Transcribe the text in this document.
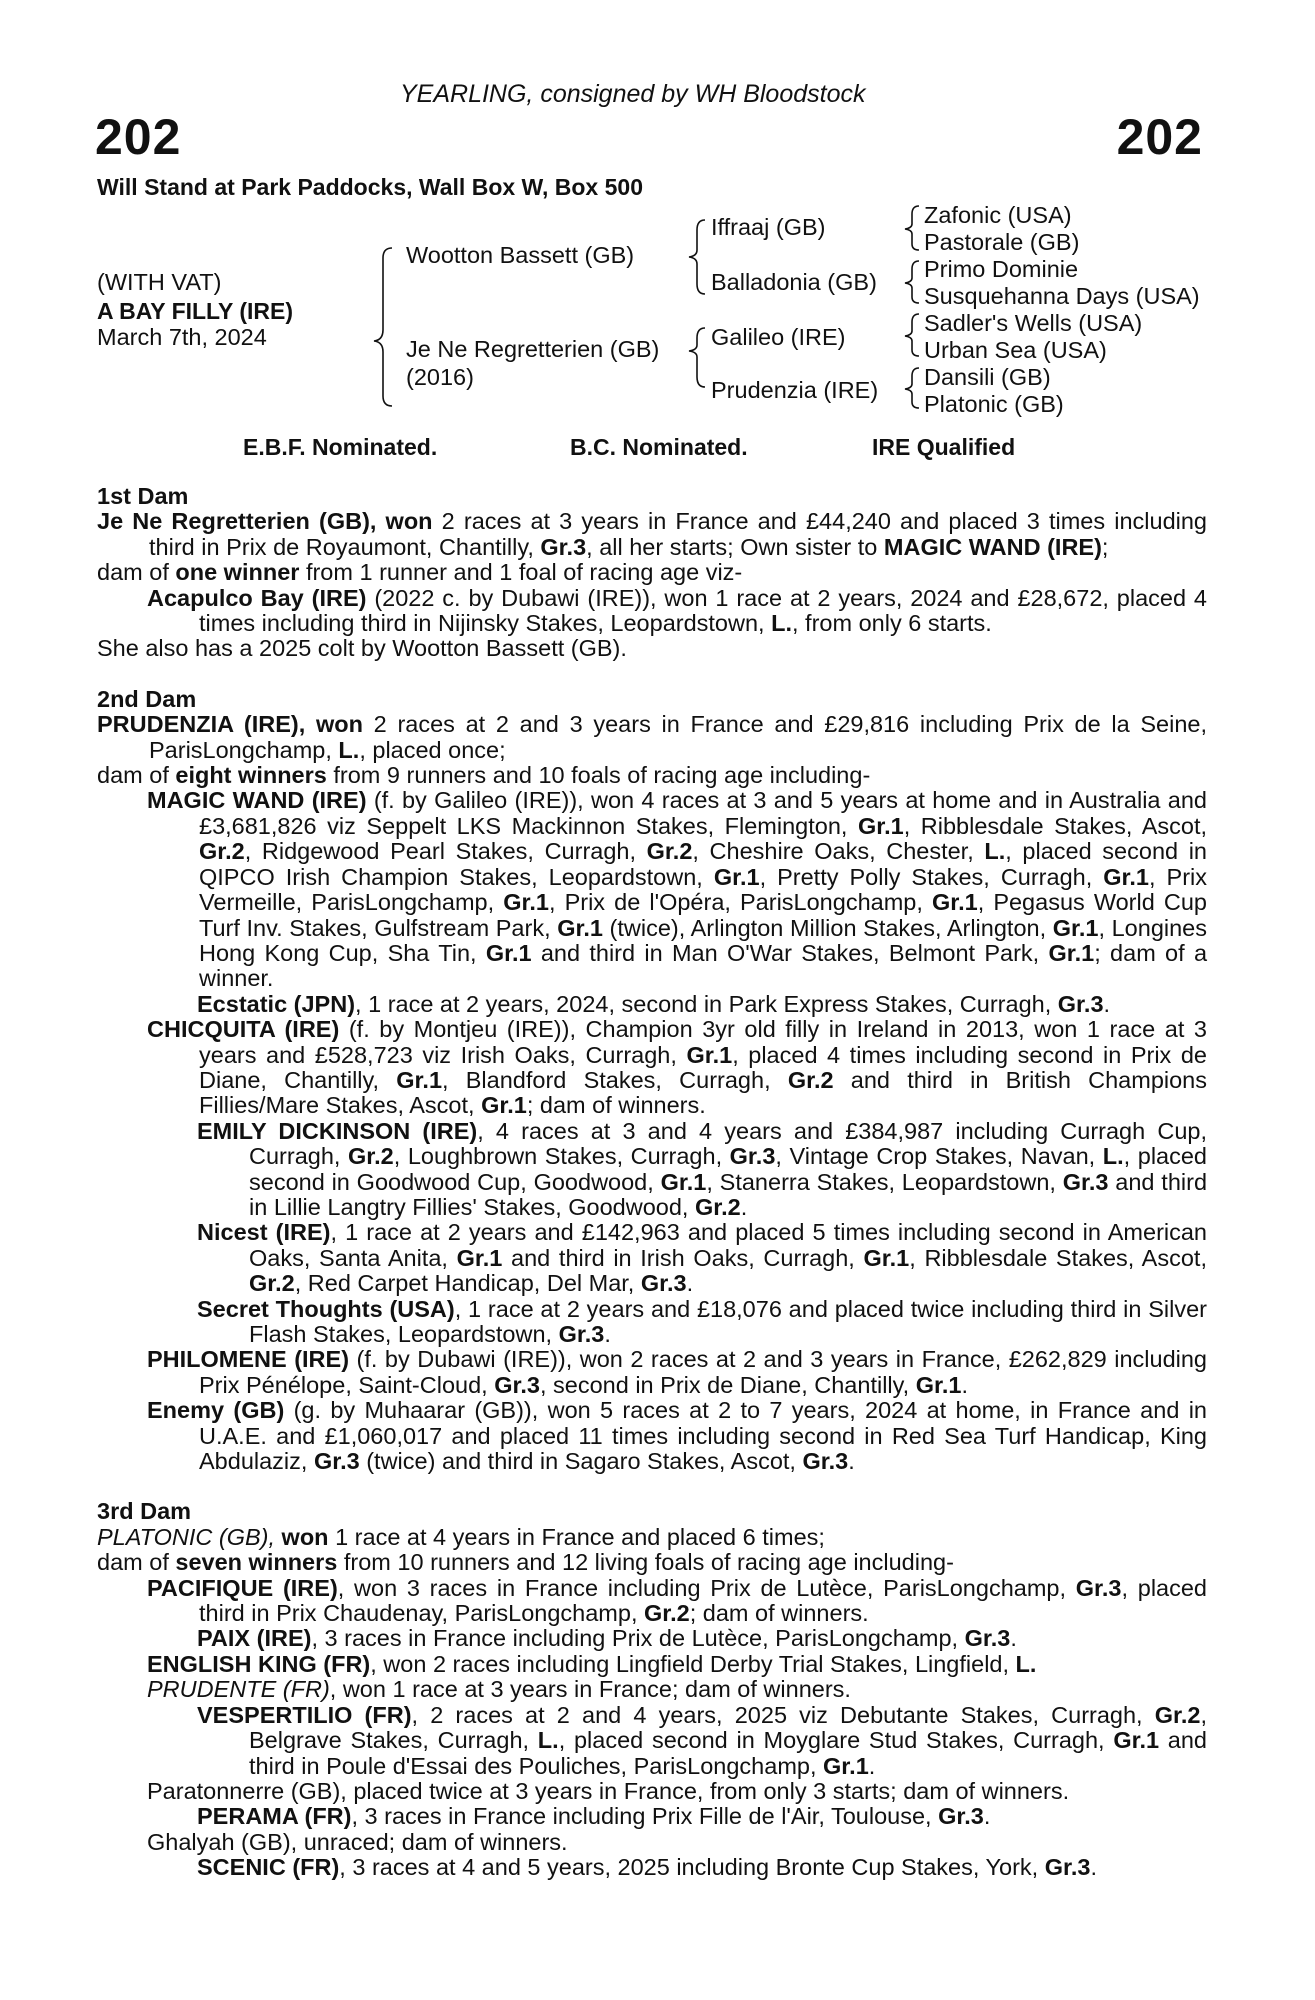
YEARLING, consigned by WH Bloodstock
202	202
Will Stand at Park Paddocks, Wall Box W, Box 500
(WITH VAT)
A BAY FILLY (IRE)
March 7th, 2024
Wootton Bassett (GB)
Je Ne Regretterien (GB)
(2016)
Iffraaj (GB)
Balladonia (GB)
Galileo (IRE)
Prudenzia (IRE)
Zafonic (USA)
Pastorale (GB)
Primo Dominie
Susquehanna Days (USA)
Sadler's Wells (USA)
Urban Sea (USA)
Dansili (GB)
Platonic (GB)
E.B.F. Nominated.	B.C. Nominated.	IRE Qualified

1st Dam

Je Ne Regretterien (GB), won 2 races at 3 years in France and £44,240 and placed 3 times including third in Prix de Royaumont, Chantilly, Gr.3, all her starts; Own sister to MAGIC WAND (IRE);

dam of one winner from 1 runner and 1 foal of racing age viz-

Acapulco Bay (IRE) (2022 c. by Dubawi (IRE)), won 1 race at 2 years, 2024 and £28,672, placed 4 times including third in Nijinsky Stakes, Leopardstown, L., from only 6 starts.

She also has a 2025 colt by Wootton Bassett (GB).

2nd Dam

PRUDENZIA (IRE), won 2 races at 2 and 3 years in France and £29,816 including Prix de la Seine, ParisLongchamp, L., placed once;

dam of eight winners from 9 runners and 10 foals of racing age including-

MAGIC WAND (IRE) (f. by Galileo (IRE)), won 4 races at 3 and 5 years at home and in Australia and £3,681,826 viz Seppelt LKS Mackinnon Stakes, Flemington, Gr.1, Ribblesdale Stakes, Ascot, Gr.2, Ridgewood Pearl Stakes, Curragh, Gr.2, Cheshire Oaks, Chester, L., placed second in QIPCO Irish Champion Stakes, Leopardstown, Gr.1, Pretty Polly Stakes, Curragh, Gr.1, Prix Vermeille, ParisLongchamp, Gr.1, Prix de l'Opéra, ParisLongchamp, Gr.1, Pegasus World Cup Turf Inv. Stakes, Gulfstream Park, Gr.1 (twice), Arlington Million Stakes, Arlington, Gr.1, Longines Hong Kong Cup, Sha Tin, Gr.1 and third in Man O'War Stakes, Belmont Park, Gr.1; dam of a winner.

Ecstatic (JPN), 1 race at 2 years, 2024, second in Park Express Stakes, Curragh, Gr.3.

CHICQUITA (IRE) (f. by Montjeu (IRE)), Champion 3yr old filly in Ireland in 2013, won 1 race at 3 years and £528,723 viz Irish Oaks, Curragh, Gr.1, placed 4 times including second in Prix de Diane, Chantilly, Gr.1, Blandford Stakes, Curragh, Gr.2 and third in British Champions Fillies/Mare Stakes, Ascot, Gr.1; dam of winners.

EMILY DICKINSON (IRE), 4 races at 3 and 4 years and £384,987 including Curragh Cup, Curragh, Gr.2, Loughbrown Stakes, Curragh, Gr.3, Vintage Crop Stakes, Navan, L., placed second in Goodwood Cup, Goodwood, Gr.1, Stanerra Stakes, Leopardstown, Gr.3 and third in Lillie Langtry Fillies' Stakes, Goodwood, Gr.2.

Nicest (IRE), 1 race at 2 years and £142,963 and placed 5 times including second in American Oaks, Santa Anita, Gr.1 and third in Irish Oaks, Curragh, Gr.1, Ribblesdale Stakes, Ascot, Gr.2, Red Carpet Handicap, Del Mar, Gr.3.

Secret Thoughts (USA), 1 race at 2 years and £18,076 and placed twice including third in Silver Flash Stakes, Leopardstown, Gr.3.

PHILOMENE (IRE) (f. by Dubawi (IRE)), won 2 races at 2 and 3 years in France, £262,829 including Prix Pénélope, Saint-Cloud, Gr.3, second in Prix de Diane, Chantilly, Gr.1.

Enemy (GB) (g. by Muhaarar (GB)), won 5 races at 2 to 7 years, 2024 at home, in France and in U.A.E. and £1,060,017 and placed 11 times including second in Red Sea Turf Handicap, King Abdulaziz, Gr.3 (twice) and third in Sagaro Stakes, Ascot, Gr.3.

3rd Dam

PLATONIC (GB), won 1 race at 4 years in France and placed 6 times;

dam of seven winners from 10 runners and 12 living foals of racing age including-

PACIFIQUE (IRE), won 3 races in France including Prix de Lutèce, ParisLongchamp, Gr.3, placed third in Prix Chaudenay, ParisLongchamp, Gr.2; dam of winners.

PAIX (IRE), 3 races in France including Prix de Lutèce, ParisLongchamp, Gr.3.

ENGLISH KING (FR), won 2 races including Lingfield Derby Trial Stakes, Lingfield, L.

PRUDENTE (FR), won 1 race at 3 years in France; dam of winners.

VESPERTILIO (FR), 2 races at 2 and 4 years, 2025 viz Debutante Stakes, Curragh, Gr.2, Belgrave Stakes, Curragh, L., placed second in Moyglare Stud Stakes, Curragh, Gr.1 and third in Poule d'Essai des Pouliches, ParisLongchamp, Gr.1.

Paratonnerre (GB), placed twice at 3 years in France, from only 3 starts; dam of winners.

PERAMA (FR), 3 races in France including Prix Fille de l'Air, Toulouse, Gr.3.

Ghalyah (GB), unraced; dam of winners.

SCENIC (FR), 3 races at 4 and 5 years, 2025 including Bronte Cup Stakes, York, Gr.3.
